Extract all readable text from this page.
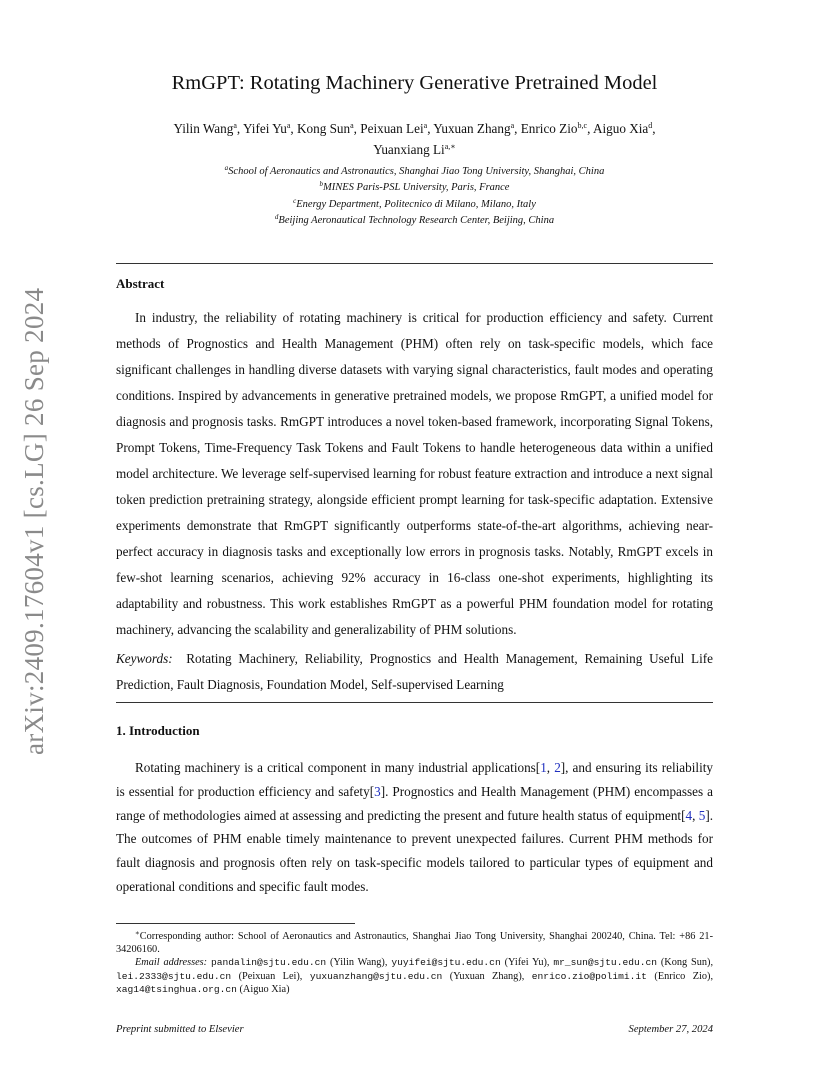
arXiv:2409.17604v1 [cs.LG] 26 Sep 2024
RmGPT: Rotating Machinery Generative Pretrained Model
Yilin Wang$^a$, Yifei Yu$^a$, Kong Sun$^a$, Peixuan Lei$^a$, Yuxuan Zhang$^a$, Enrico Zio$^{b,c}$, Aiguo Xia$^d$,
Yuanxiang $Li^{a,∗}$
$^a$School of Aeronautics and Astronautics, Shanghai Jiao Tong University, Shanghai, China
$^b$MINES Paris-PSL University, Paris, France
$^c$Energy Department, Politecnico di Milano, Milano, Italy
$^d$Beijing Aeronautical Technology Research Center, Beijing, China
Abstract
In industry, the reliability of rotating machinery is critical for production efficiency and safety. Current methods of Prognostics and Health Management (PHM) often rely on task-specific models, which face significant challenges in handling diverse datasets with varying signal characteristics, fault modes and operating conditions. Inspired by advancements in generative pretrained models, we propose RmGPT, a unified model for diagnosis and prognosis tasks. RmGPT introduces a novel token-based framework, incorporating Signal Tokens, Prompt Tokens, Time-Frequency Task Tokens and Fault Tokens to handle heterogeneous data within a unified model architecture. We leverage self-supervised learning for robust feature extraction and introduce a next signal token prediction pretraining strategy, alongside efficient prompt learning for task-specific adaptation. Extensive experiments demonstrate that RmGPT significantly outperforms state-of-the-art algorithms, achieving near-perfect accuracy in diagnosis tasks and exceptionally low errors in prognosis tasks. Notably, RmGPT excels in few-shot learning scenarios, achieving 92% accuracy in 16-class one-shot experiments, highlighting its adaptability and robustness. This work establishes RmGPT as a powerful PHM foundation model for rotating machinery, advancing the scalability and generalizability of PHM solutions.
Keywords: Rotating Machinery, Reliability, Prognostics and Health Management, Remaining Useful Life Prediction, Fault Diagnosis, Foundation Model, Self-supervised Learning
1. Introduction
Rotating machinery is a critical component in many industrial applications[1, 2], and ensuring its reliability is essential for production efficiency and safety[3]. Prognostics and Health Management (PHM) encompasses a range of methodologies aimed at assessing and predicting the present and future health status of equipment[4, 5]. The outcomes of PHM enable timely maintenance to prevent unexpected failures. Current PHM methods for fault diagnosis and prognosis often rely on task-specific models tailored to particular types of equipment and operational conditions and specific fault modes.

∗Corresponding author: School of Aeronautics and Astronautics, Shanghai Jiao Tong University, Shanghai 200240, China. Tel: +86 21-34206160.

Email addresses: pandalin@sjtu.edu.cn (Yilin Wang), yuyifei@sjtu.edu.cn (Yifei Yu), mr_sun@sjtu.edu.cn (Kong Sun), lei.2333@sjtu.edu.cn (Peixuan Lei), yuxuanzhang@sjtu.edu.cn (Yuxuan Zhang), enrico.zio@polimi.it (Enrico Zio), xag14@tsinghua.org.cn (Aiguo Xia)

Preprint submitted to Elsevier	September 27, 2024
